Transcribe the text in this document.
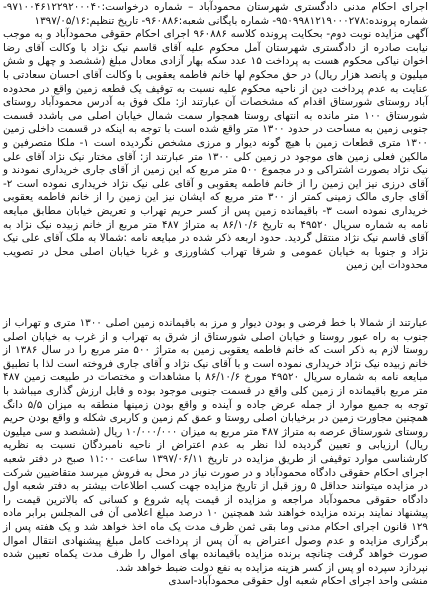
اجرای احکام مدنی دادگستری شهرستان محمودآباد – شماره درخواست:۹۷۱۰۰۴۶۱۲۲۹۲۰۰۰۴۰- شماره پرونده:۹۵۰۹۹۸۱۲۱۹۰۰۰۲۷۸- شماره بایگانی شعبه:۹۶۰۸۸۶- تاریخ تنظیم:۱۳۹۷/۰۵/۱۶

آگهی مزایده نوبت دوم- بحکایت پرونده کلاسه ۹۶۰۸۸۶ اجرای احکام حقوقی محمودآباد و به موجب نیابت صادره از دادگستری شهرستان آمل محکوم علیه آقای قاسم نیک نژاد با وکالت آقای رضا اخوان نیاکی محکوم هست به پرداخت ۱۵ عدد سکه بهار آزادی معادل مبلغ (ششصد و چهل و شش میلیون و پانصد هزار ریال) در حق محکوم لها خانم فاطمه یعقوبی با وکالت آقای احسان سعادتی با عنایت به عدم پرداخت دین از ناحیه محکوم علیه نسبت به توقیف یک قطعه زمین واقع در محدوده آباد روستای شورستاق اقدام که مشخصات آن عبارتند از: ملک فوق به آدرس محمودآباد روستای شورستاق ۱۰۰ متر مانده به انتهای روستا همجوار سمت شمال خیابان اصلی می باشدد قسمت جنوبی زمین به مساحت در حدود ۱۳۰۰ متر واقع شده است با توجه به اینکه در قسمت داخلی زمین ۱۳۰۰ متری قطعات زمین با هیچ گونه دیوار و مرزی مشخص نگردیده است ۱- ملکا متصرفین و مالکین فعلی زمین های موجود در زمین کلی ۱۳۰۰ متر عبارتند از: آقای مختار نیک نژاد آقای علی نیک نژاد بصورت اشتراکی و در مجموع ۵۰۰ متر مربع که این زمین از آقای جاری خریداری نمودند و آقای درزی نیز این زمین را از خانم فاطمه یعقوبی و آقای علی نیک نژاد خریداری نموده است ۲- آقای جاری مالک زمینی کمتر از ۳۰۰ متر مربع که ایشان نیز این زمین را از خانم فاطمه یعقوبی خریداری نموده است ۳- باقیمانده زمین پس از کسر حریم تهراب و تعریض خیابان مطابق مبایعه نامه به شماره سریال ۴۹۵۲۰ به تاریخ ۸۶/۱۰/۶ به متراژ ۴۸۷ متر مربع از خانم زبیده نیک نژاد به آقای قاسم نیک نژاد منتقل گردید. حدود اربعه ذکر شده در مبایعه نامه :شمالا به ملک آقای علی نیک نژاد و جنوبا به خیابان عمومی و شرقا تهراب کشاورزی و غربا خیابان اصلی محل در تصویب محدودات این زمین

عبارتند از شمالا با خط فرضی و بودن دیوار و مرز به باقیمانده زمین اصلی ۱۳۰۰ متری و تهراب از جنوب به راه عبور روستا و خیابان اصلی شورستاق از شرق به تهراب و از غرب به خیابان اصلی روستا لازم به ذکر است که خانم فاطمه یعقوبی زمین به متراژ ۵۰۰ متر مربع را در سال ۱۳۸۶ از خانم زبیده نیک نژاد خریداری نموده است و با آقای نیک نژاد و آقای جاری فروخته است لذا با تطبیق مبایعه نامه به شماره سریال ۴۹۵۲۰ مورخ ۸۶/۱۰/۶ با مشاهدات و مختصات در طبیعت زمین ۴۸۷ متر مربع باقیمانده از زمین کلی واقع در قسمت جنوبی موجود بوده و قابل ارزش گذاری میباشد با توجه به جمیع موارد از جمله عرض جاده و آینده و واقع بودن زمینها منطقه به میزان ۵/۵ دانگ همچنین مجاورت زمین در برخیابان اصلی روستا و عمق کم زمین و کاربری شکله و واقع بودن حریم روستای شورستاق عرصه به متراژ ۴۸۷ متر مربع به میزان ۱۰/۰۰۰/۰۰۰ ریال (ششصد و سی میلیون ریال) ارزیابی و تعیین گردیده لذا نظر به عدم اعتراض از ناحیه نامبردگان نسبت به نظریه کارشناسی موارد توقیفی از طریق مزایده در تاریخ ۱۳۹۷/۰۶/۱۱ ساعت ۱۱:۰۰ صبح در دفتر شعبه اجرای احکام حقوقی دادگاه محمودآباد و در صورت نیاز در محل به فروش میرسد متقاضیین شرکت در مزایده میتوانند حداقل ۵ روز قبل از تاریخ مزایده جهت کسب اطلاعات بیشتر به دفتر شعبه اول دادگاه حقوقی محمودآباد مراجعه و مزایده از قیمت پایه شروع و کسانی که بالاترین قیمت را پیشنهاد نمایند برنده مزایده خواهند شد همچنین ۱۰ درصد مبلغ اعلامی آن فی المجلس برابر ماده ۱۲۹ قانون اجرای احکام مدنی وما بقی ثمن ظرف مدت یک ماه اخذ خواهد شد و یک هفته پس از برگزاری مزایده و عدم وصول اعتراض به آن پس از پرداخت کامل مبلغ پیشنهادی انتقال اموال صورت خواهد گرفت چنانچه برنده مزایده باقیمانده بهای اموال را ظرف مدت یکماه تعیین شده نپردازد سپرده او پس از کسر هزینه مزایده به نفع دولت ضبط خواهد شد.

منشی واحد اجرای احکام شعبه اول حقوقی محمودآباد-اسدی
